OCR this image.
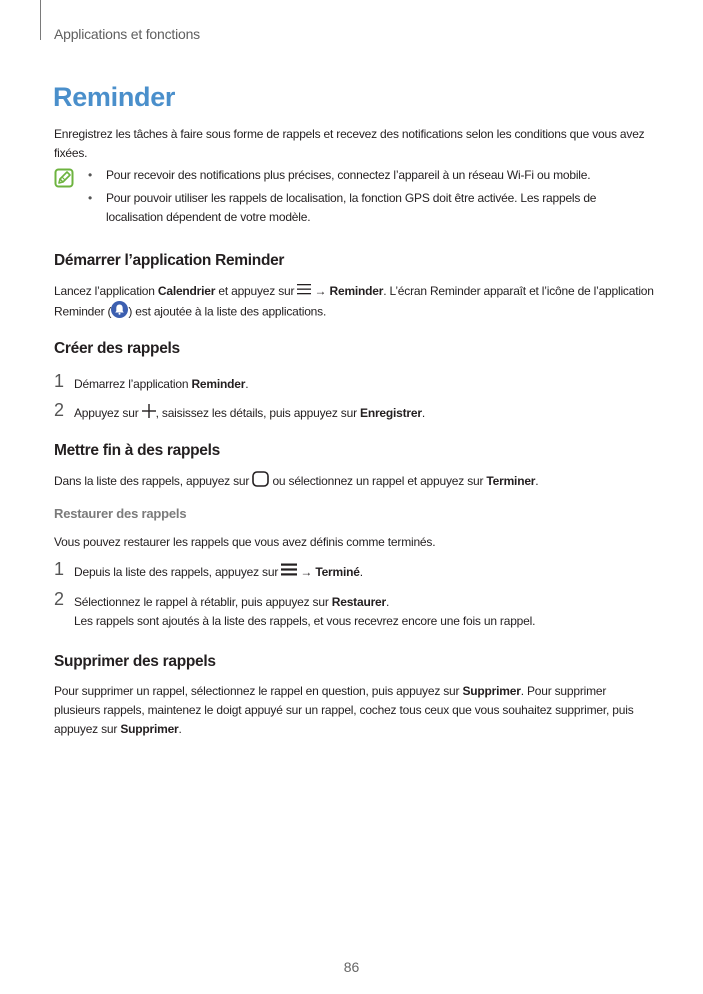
Applications et fonctions
Reminder

Enregistrez les tâches à faire sous forme de rappels et recevez des notifications selon les conditions que vous avez fixées.

• Pour recevoir des notifications plus précises, connectez l’appareil à un réseau Wi-Fi ou mobile.
• Pour pouvoir utiliser les rappels de localisation, la fonction GPS doit être activée. Les rappels de localisation dépendent de votre modèle.
Démarrer l’application Reminder

Lancez l’application Calendrier et appuyez sur  → Reminder. L’écran Reminder apparaît et l’icône de l’application Reminder ( ) est ajoutée à la liste des applications.

Créer des rappels
1 Démarrez l’application Reminder.
2 Appuyez sur , saisissez les détails, puis appuyez sur Enregistrer.
Mettre fin à des rappels

Dans la liste des rappels, appuyez sur  ou sélectionnez un rappel et appuyez sur Terminer.

Restaurer des rappels

Vous pouvez restaurer les rappels que vous avez définis comme terminés.

1 Depuis la liste des rappels, appuyez sur  → Terminé.
2 Sélectionnez le rappel à rétablir, puis appuyez sur Restaurer.
Les rappels sont ajoutés à la liste des rappels, et vous recevrez encore une fois un rappel.
Supprimer des rappels

Pour supprimer un rappel, sélectionnez le rappel en question, puis appuyez sur Supprimer. Pour supprimer plusieurs rappels, maintenez le doigt appuyé sur un rappel, cochez tous ceux que vous souhaitez supprimer, puis appuyez sur Supprimer.

86
